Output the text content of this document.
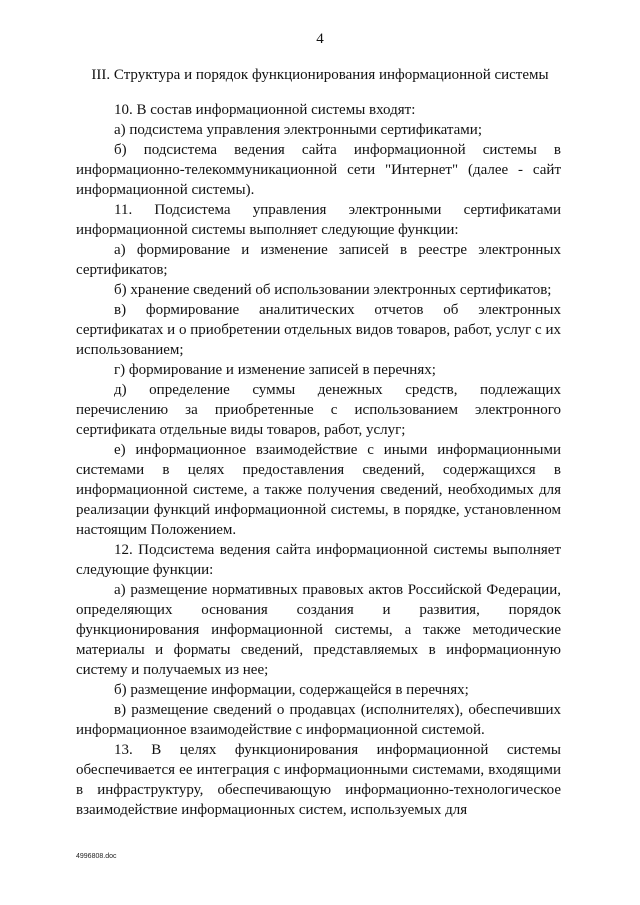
4
III. Структура и порядок функционирования информационной системы

10. В состав информационной системы входят:

а) подсистема управления электронными сертификатами;

б) подсистема ведения сайта информационной системы в информационно-телекоммуникационной сети "Интернет" (далее - сайт информационной системы).

11. Подсистема управления электронными сертификатами информационной системы выполняет следующие функции:

а) формирование и изменение записей в реестре электронных сертификатов;

б) хранение сведений об использовании электронных сертификатов;

в) формирование аналитических отчетов об электронных сертификатах и о приобретении отдельных видов товаров, работ, услуг с их использованием;

г) формирование и изменение записей в перечнях;

д) определение суммы денежных средств, подлежащих перечислению за приобретенные с использованием электронного сертификата отдельные виды товаров, работ, услуг;

е) информационное взаимодействие с иными информационными системами в целях предоставления сведений, содержащихся в информационной системе, а также получения сведений, необходимых для реализации функций информационной системы, в порядке, установленном настоящим Положением.

12. Подсистема ведения сайта информационной системы выполняет следующие функции:

а) размещение нормативных правовых актов Российской Федерации, определяющих основания создания и развития, порядок функционирования информационной системы, а также методические материалы и форматы сведений, представляемых в информационную систему и получаемых из нее;

б) размещение информации, содержащейся в перечнях;

в) размещение сведений о продавцах (исполнителях), обеспечивших информационное взаимодействие с информационной системой.

13. В целях функционирования информационной системы обеспечивается ее интеграция с информационными системами, входящими в инфраструктуру, обеспечивающую информационно-технологическое взаимодействие информационных систем, используемых для

4996808.doc
